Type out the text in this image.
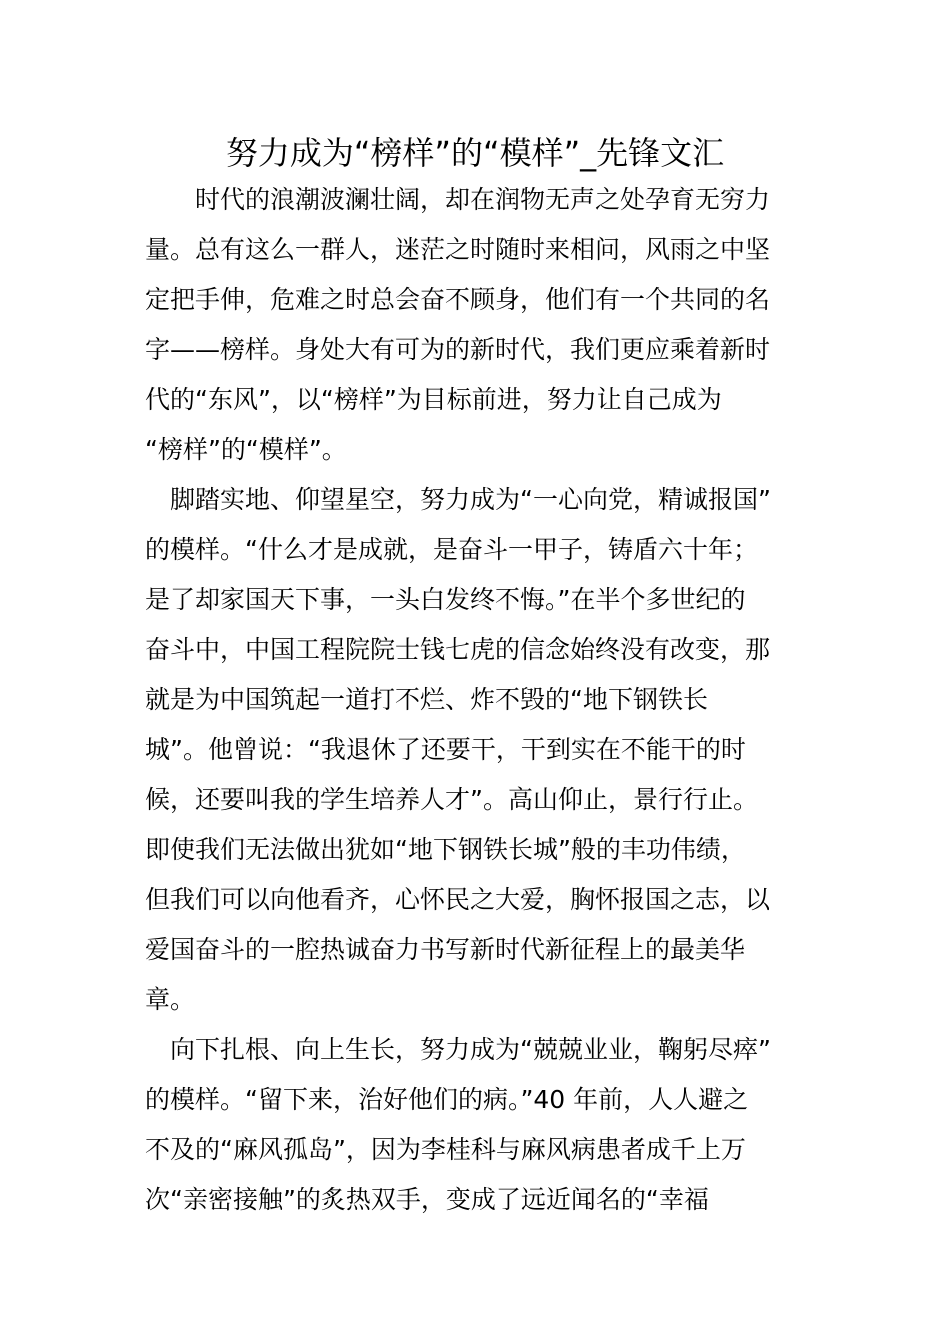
努力成为“榜样”的“模样”_先锋文汇
　　时代的浪潮波澜壮阔，却在润物无声之处孕育无穷力
量。总有这么一群人，迷茫之时随时来相问，风雨之中坚
定把手伸，危难之时总会奋不顾身，他们有一个共同的名
字——榜样。身处大有可为的新时代，我们更应乘着新时
代的“东风”，以“榜样”为目标前进，努力让自己成为
“榜样”的“模样”。
　脚踏实地、仰望星空，努力成为“一心向党，精诚报国”
的模样。“什么才是成就，是奋斗一甲子，铸盾六十年；
是了却家国天下事，一头白发终不悔。”在半个多世纪的
奋斗中，中国工程院院士钱七虎的信念始终没有改变，那
就是为中国筑起一道打不烂、炸不毁的“地下钢铁长
城”。他曾说：“我退休了还要干，干到实在不能干的时
候，还要叫我的学生培养人才”。高山仰止，景行行止。
即使我们无法做出犹如“地下钢铁长城”般的丰功伟绩，
但我们可以向他看齐，心怀民之大爱，胸怀报国之志，以
爱国奋斗的一腔热诚奋力书写新时代新征程上的最美华
章。
　向下扎根、向上生长，努力成为“兢兢业业，鞠躬尽瘁”
的模样。“留下来，治好他们的病。”40 年前，人人避之
不及的“麻风孤岛”，因为李桂科与麻风病患者成千上万
次“亲密接触”的炙热双手，变成了远近闻名的“幸福
